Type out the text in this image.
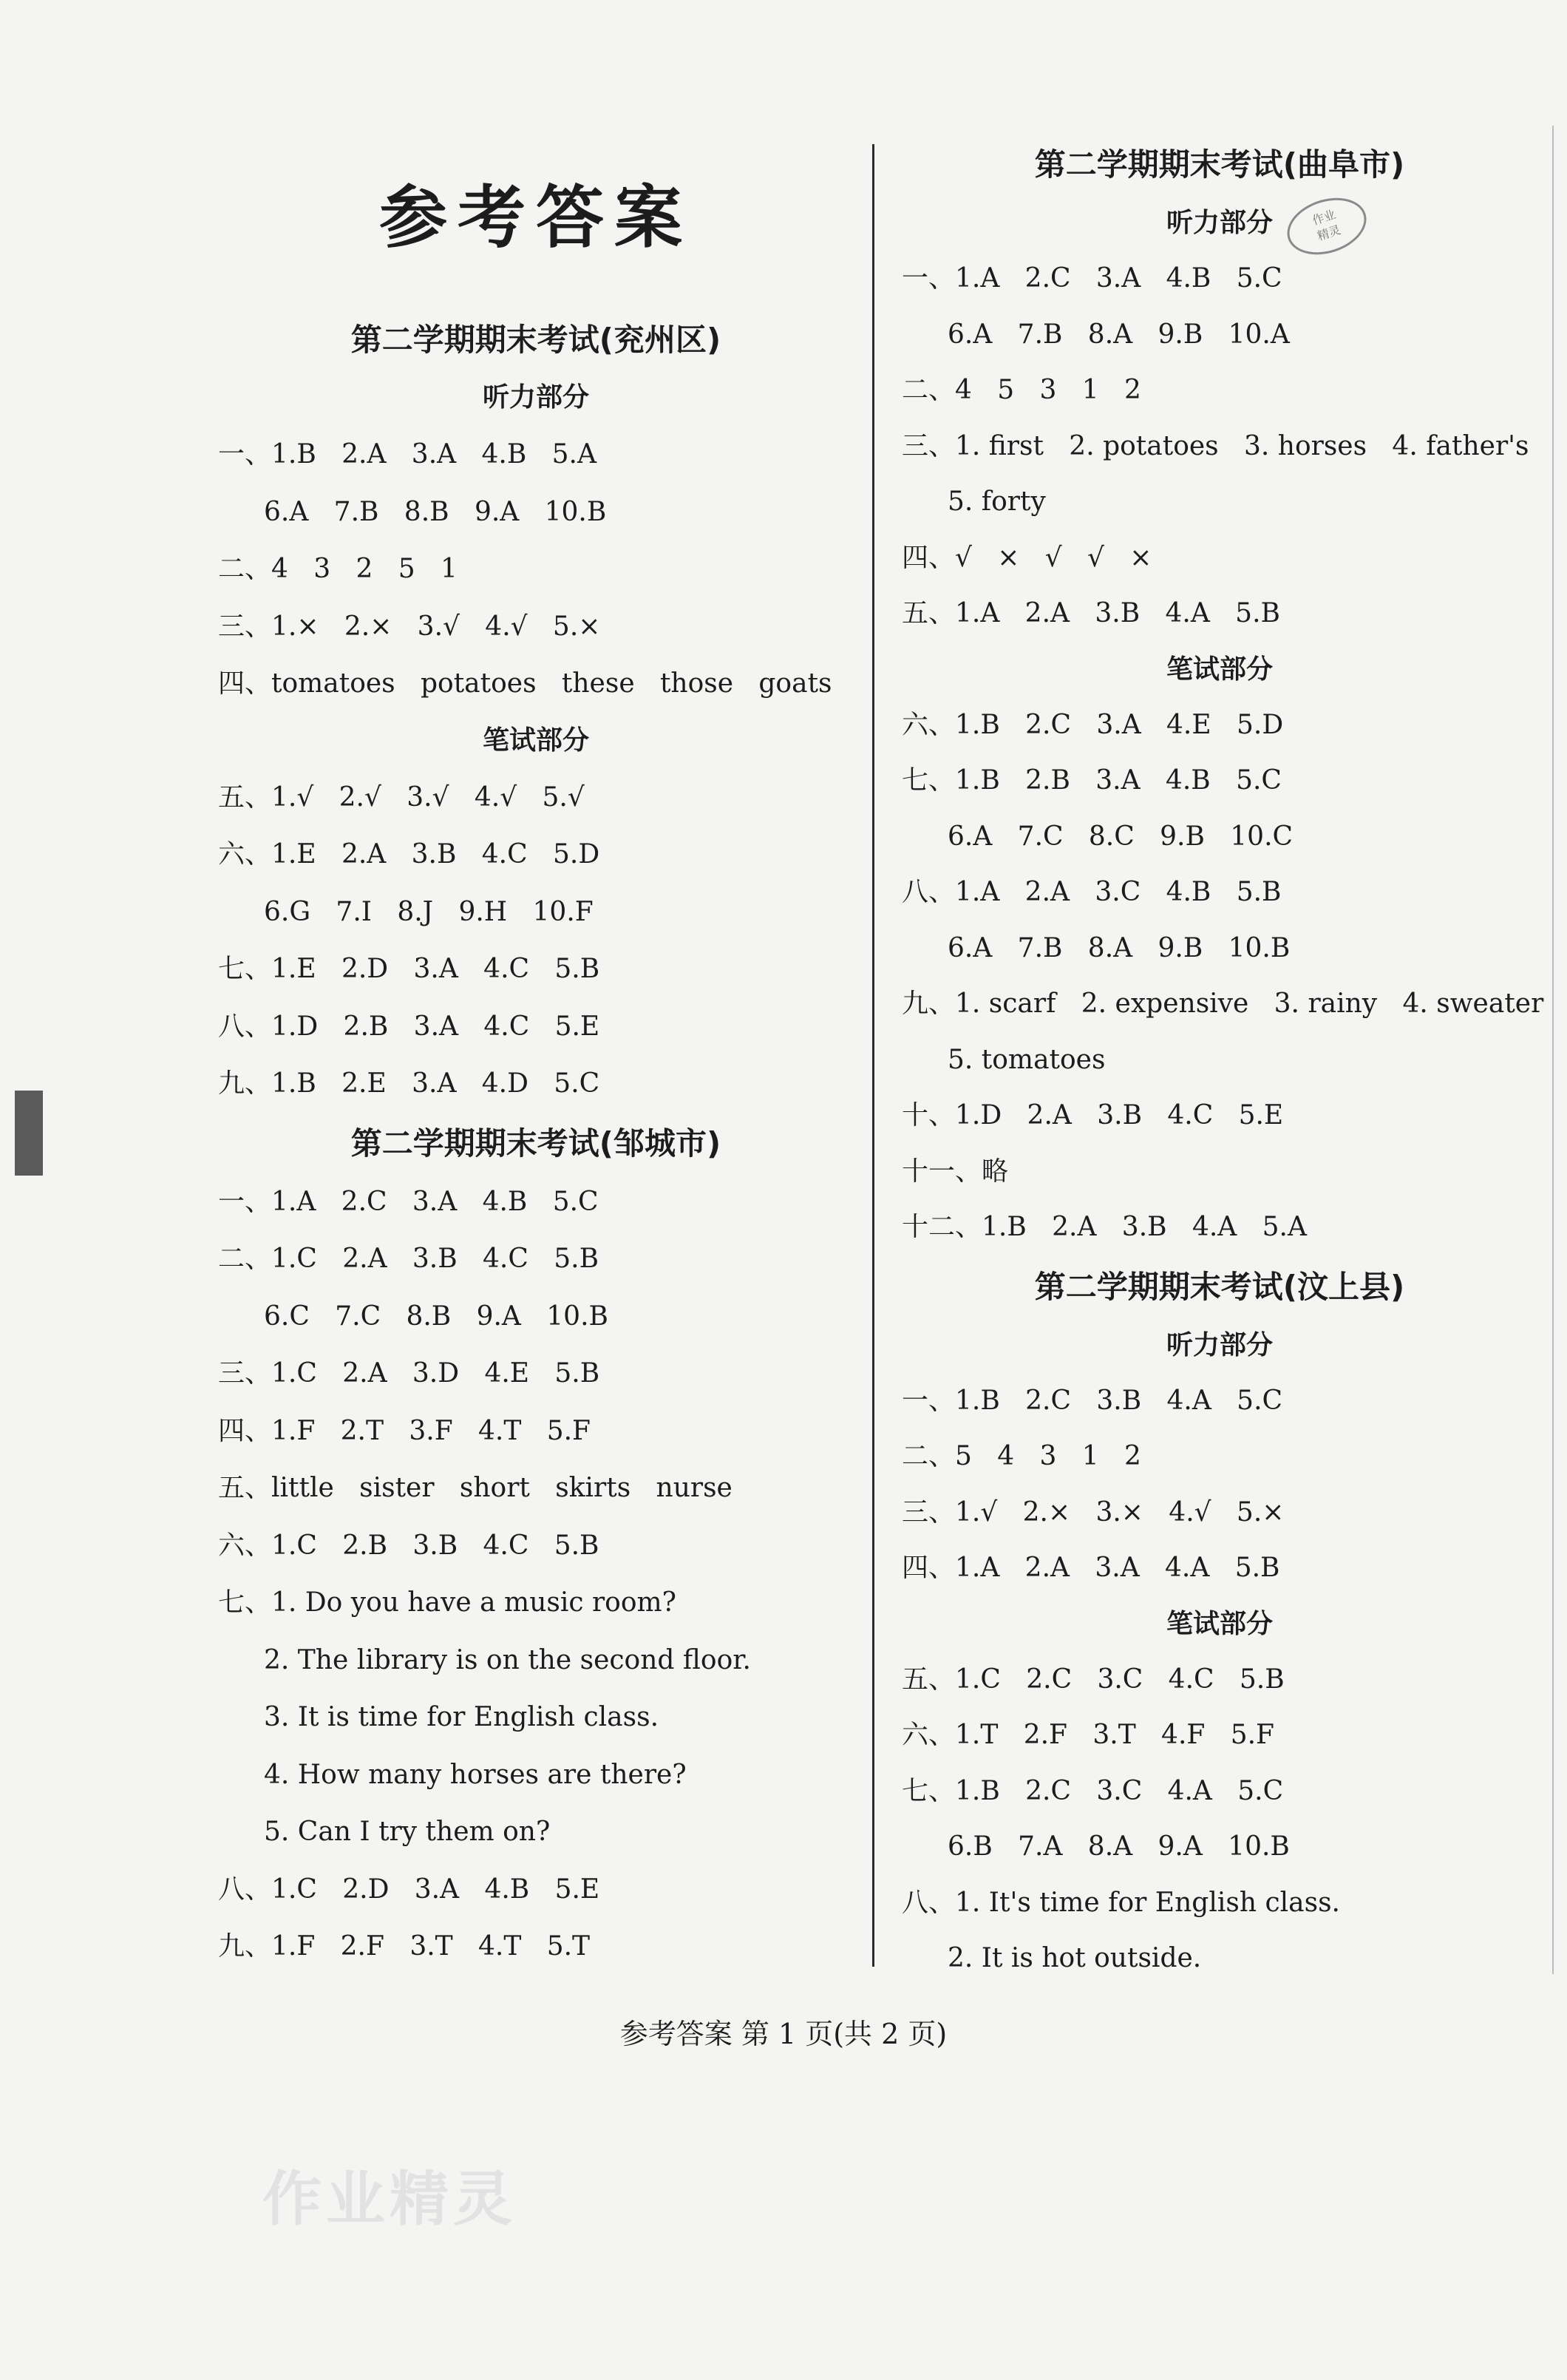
参考答案
第二学期期末考试(兖州区)
听力部分
一、1.B   2.A   3.A   4.B   5.A
6.A   7.B   8.B   9.A   10.B
二、4   3   2   5   1
三、1.×   2.×   3.√   4.√   5.×
四、tomatoes   potatoes   these   those   goats
笔试部分
五、1.√   2.√   3.√   4.√   5.√
六、1.E   2.A   3.B   4.C   5.D
6.G   7.I   8.J   9.H   10.F
七、1.E   2.D   3.A   4.C   5.B
八、1.D   2.B   3.A   4.C   5.E
九、1.B   2.E   3.A   4.D   5.C
第二学期期末考试(邹城市)
一、1.A   2.C   3.A   4.B   5.C
二、1.C   2.A   3.B   4.C   5.B
6.C   7.C   8.B   9.A   10.B
三、1.C   2.A   3.D   4.E   5.B
四、1.F   2.T   3.F   4.T   5.F
五、little   sister   short   skirts   nurse
六、1.C   2.B   3.B   4.C   5.B
七、1. Do you have a music room?
2. The library is on the second floor.
3. It is time for English class.
4. How many horses are there?
5. Can I try them on?
八、1.C   2.D   3.A   4.B   5.E
九、1.F   2.F   3.T   4.T   5.T
第二学期期末考试(曲阜市)
听力部分
一、1.A   2.C   3.A   4.B   5.C
6.A   7.B   8.A   9.B   10.A
二、4   5   3   1   2
三、1. first   2. potatoes   3. horses   4. father's
5. forty
四、√   ×   √   √   ×
五、1.A   2.A   3.B   4.A   5.B
笔试部分
六、1.B   2.C   3.A   4.E   5.D
七、1.B   2.B   3.A   4.B   5.C
6.A   7.C   8.C   9.B   10.C
八、1.A   2.A   3.C   4.B   5.B
6.A   7.B   8.A   9.B   10.B
九、1. scarf   2. expensive   3. rainy   4. sweater
5. tomatoes
十、1.D   2.A   3.B   4.C   5.E
十一、略
十二、1.B   2.A   3.B   4.A   5.A
第二学期期末考试(汶上县)
听力部分
一、1.B   2.C   3.B   4.A   5.C
二、5   4   3   1   2
三、1.√   2.×   3.×   4.√   5.×
四、1.A   2.A   3.A   4.A   5.B
笔试部分
五、1.C   2.C   3.C   4.C   5.B
六、1.T   2.F   3.T   4.F   5.F
七、1.B   2.C   3.C   4.A   5.C
6.B   7.A   8.A   9.A   10.B
八、1. It's time for English class.
2. It is hot outside.
作业
精灵
参考答案 第 1 页(共 2 页)
作业精灵
